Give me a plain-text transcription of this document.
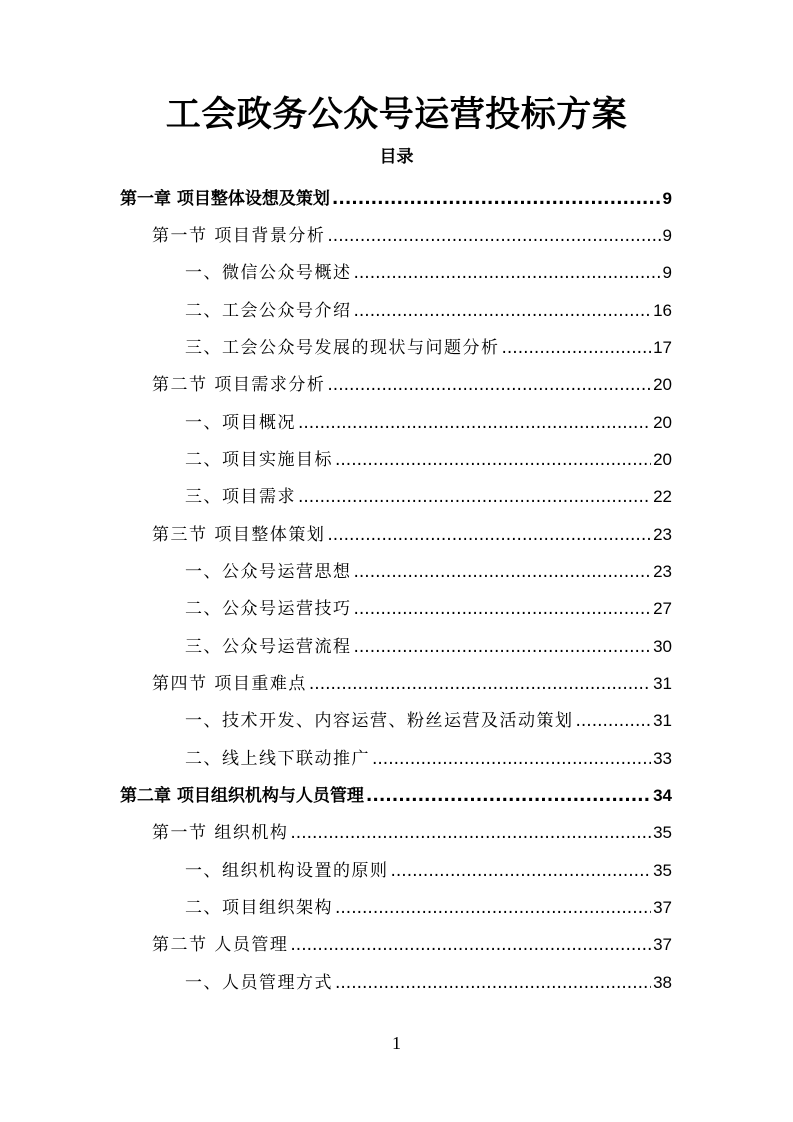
工会政务公众号运营投标方案
目录
第一章 项目整体设想及策划 .....	9
第一节 项目背景分析 .....	9
一、微信公众号概述 .....	9
二、工会公众号介绍 .....	16
三、工会公众号发展的现状与问题分析 .....	17
第二节 项目需求分析 .....	20
一、项目概况 .....	20
二、项目实施目标 .....	20
三、项目需求 .....	22
第三节 项目整体策划 .....	23
一、公众号运营思想 .....	23
二、公众号运营技巧 .....	27
三、公众号运营流程 .....	30
第四节 项目重难点 .....	31
一、技术开发、内容运营、粉丝运营及活动策划 .....	31
二、线上线下联动推广 .....	33
第二章 项目组织机构与人员管理 .....	34
第一节 组织机构 .....	35
一、组织机构设置的原则 .....	35
二、项目组织架构 .....	37
第二节 人员管理 .....	37
一、人员管理方式 .....	38
1
